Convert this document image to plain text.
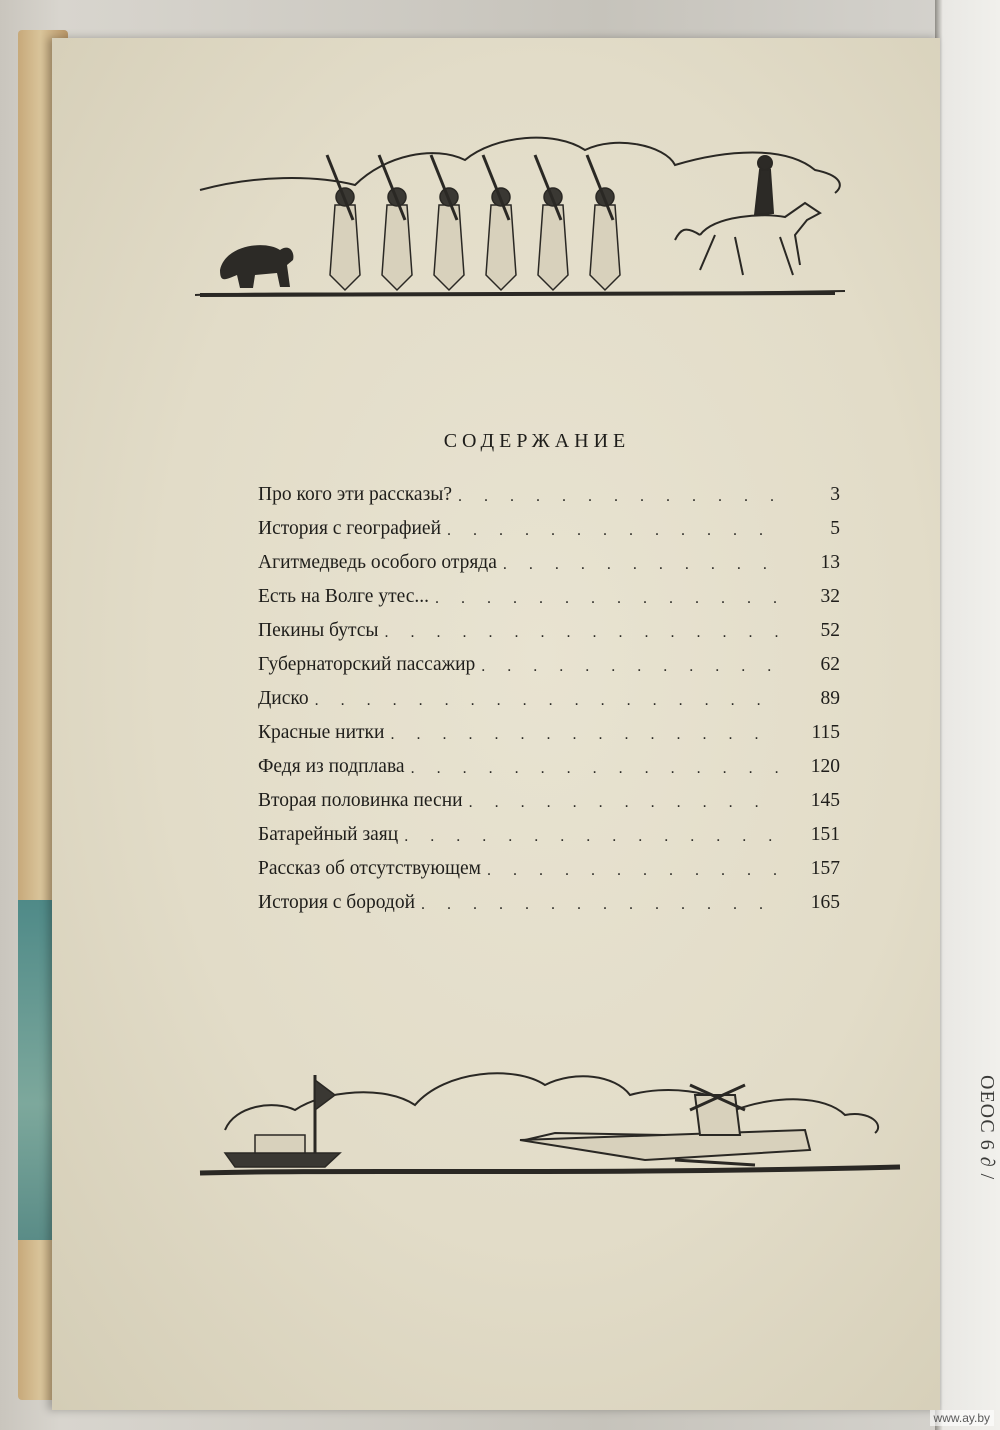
ОЕОС 6 ∂ /
СОДЕРЖАНИЕ
Про кого эти рассказы? . . .	3
История с географией . . .	5
Агитмедведь особого отряда . . .	13
Есть на Волге утес... . . .	32
Пекины бутсы . . .	52
Губернаторский пассажир . . .	62
Диско . . .	89
Красные нитки . . .	115
Федя из подплава . . .	120
Вторая половинка песни . . .	145
Батарейный заяц . . .	151
Рассказ об отсутствующем . . .	157
История с бородой . . .	165
www.ay.by
